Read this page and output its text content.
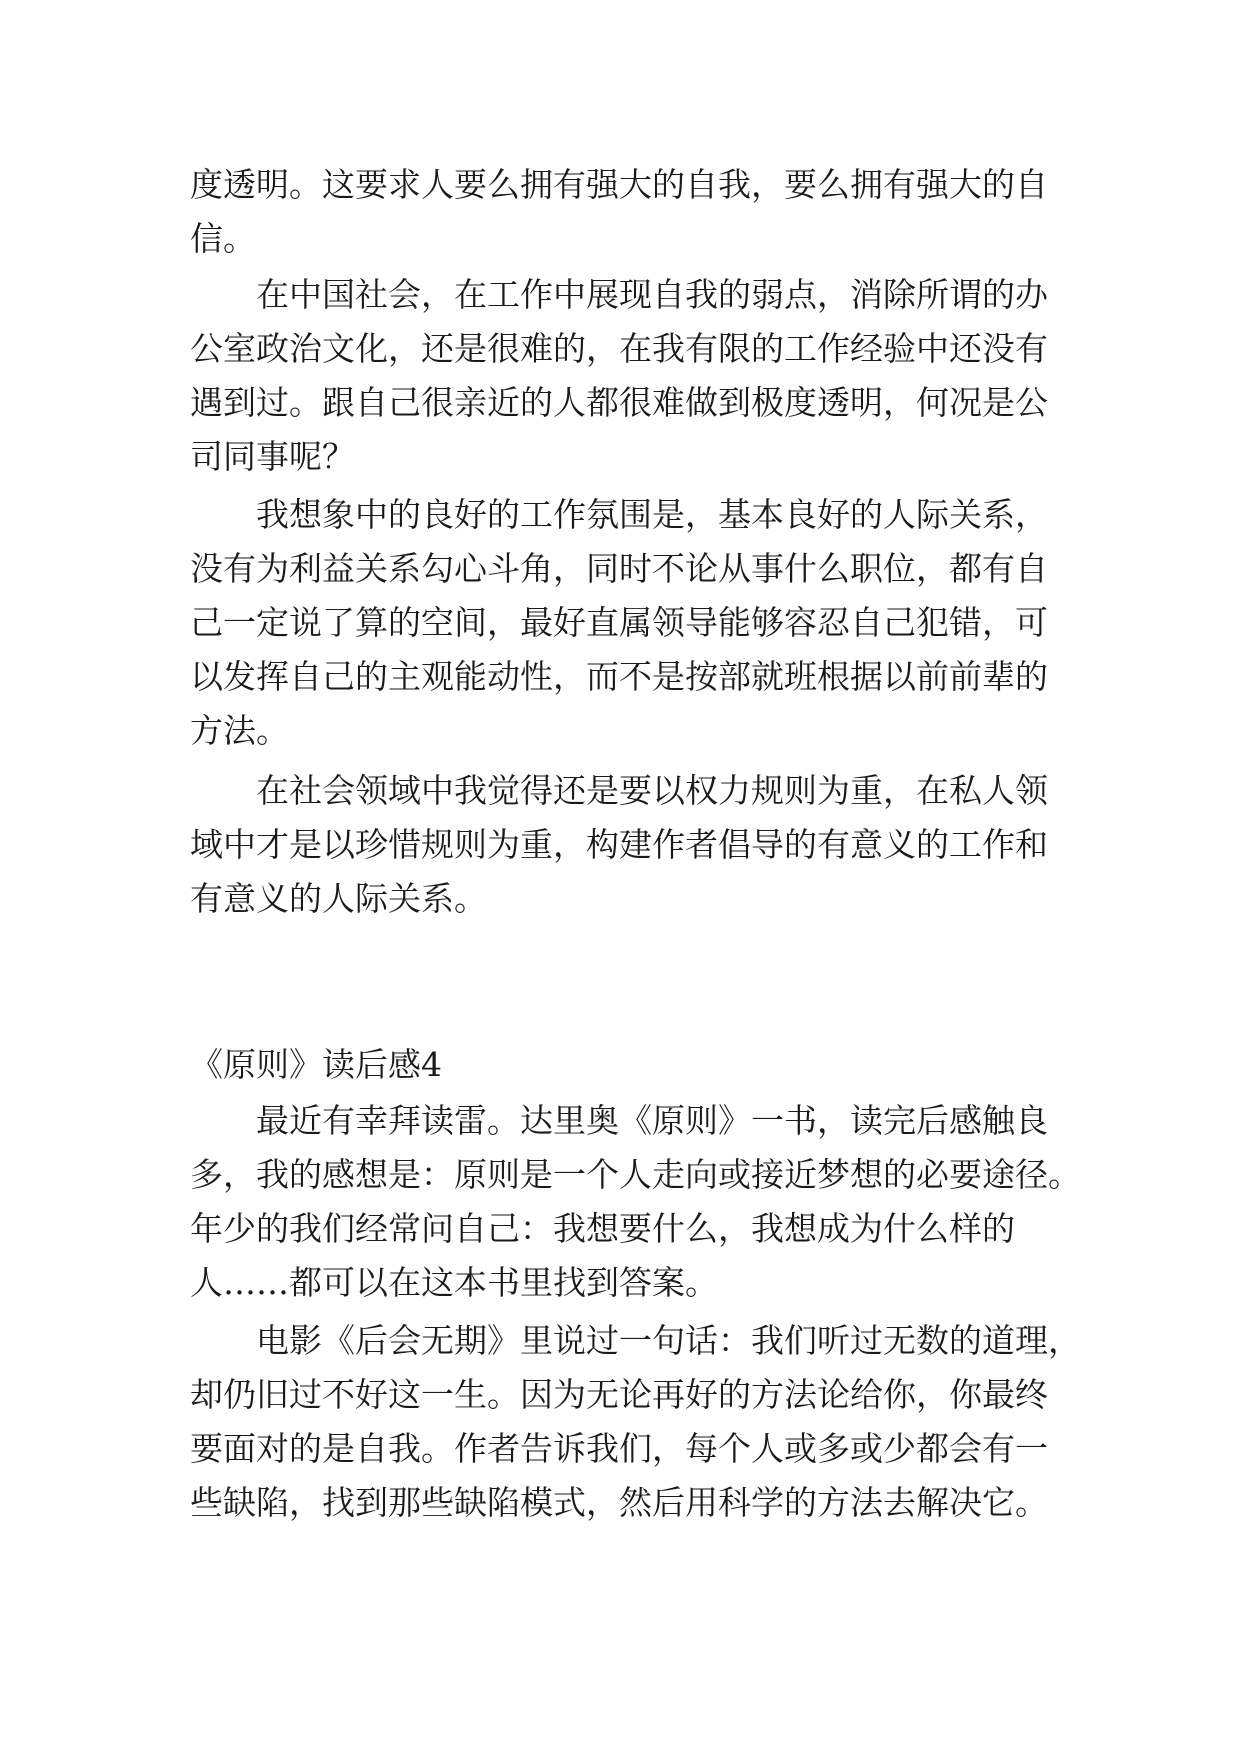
度透明。这要求人要么拥有强大的自我，要么拥有强大的自
信。
在中国社会，在工作中展现自我的弱点，消除所谓的办
公室政治文化，还是很难的，在我有限的工作经验中还没有
遇到过。跟自己很亲近的人都很难做到极度透明，何况是公
司同事呢？
我想象中的良好的工作氛围是，基本良好的人际关系，
没有为利益关系勾心斗角，同时不论从事什么职位，都有自
己一定说了算的空间，最好直属领导能够容忍自己犯错，可
以发挥自己的主观能动性，而不是按部就班根据以前前辈的
方法。
在社会领域中我觉得还是要以权力规则为重，在私人领
域中才是以珍惜规则为重，构建作者倡导的有意义的工作和
有意义的人际关系。
《原则》读后感4
最近有幸拜读雷。达里奥《原则》一书，读完后感触良
多，我的感想是：原则是一个人走向或接近梦想的必要途径。
年少的我们经常问自己：我想要什么，我想成为什么样的
人……都可以在这本书里找到答案。
电影《后会无期》里说过一句话：我们听过无数的道理，
却仍旧过不好这一生。因为无论再好的方法论给你，你最终
要面对的是自我。作者告诉我们，每个人或多或少都会有一
些缺陷，找到那些缺陷模式，然后用科学的方法去解决它。
